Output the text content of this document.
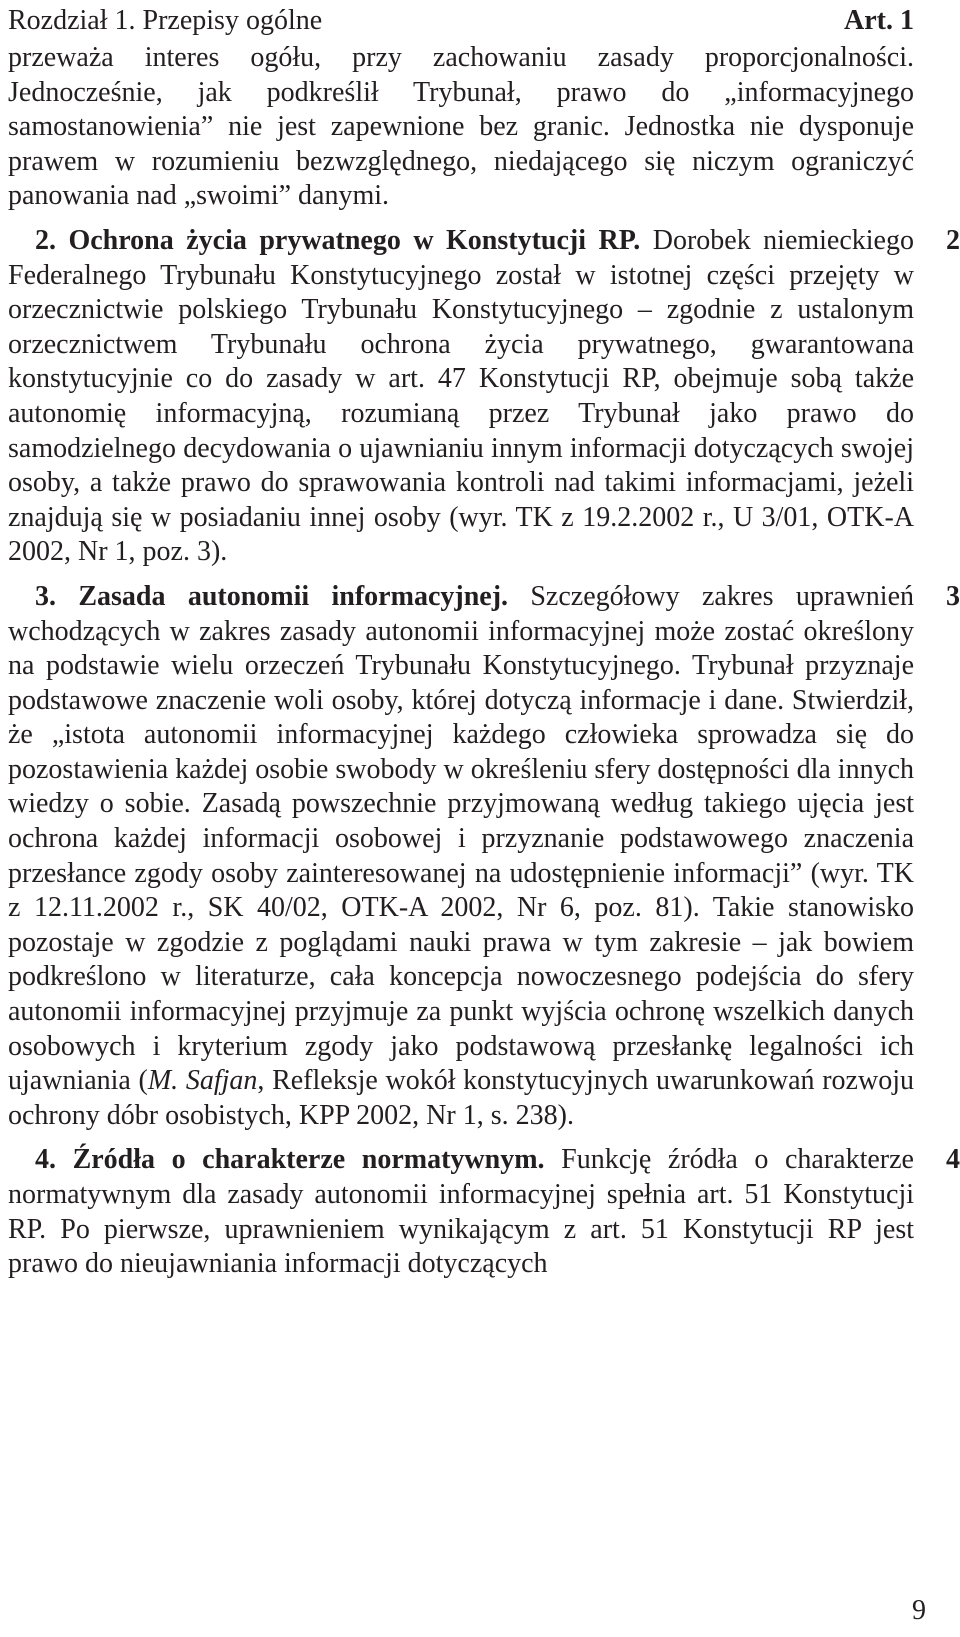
Rozdział 1. Przepisy ogólne	Art. 1

przeważa interes ogółu, przy zachowaniu zasady proporcjonalności. Jednocześnie, jak podkreślił Trybunał, prawo do „informacyjnego samostanowienia” nie jest zapewnione bez granic. Jednostka nie dysponuje prawem w rozumieniu bezwzględnego, niedającego się niczym ograniczyć panowania nad „swoimi” danymi.

2. Ochrona życia prywatnego w Konstytucji RP. Dorobek niemieckiego Federalnego Trybunału Konstytucyjnego został w istotnej części przejęty w orzecznictwie polskiego Trybunału Konstytucyjnego – zgodnie z ustalonym orzecznictwem Trybunału ochrona życia prywatnego, gwarantowana konstytucyjnie co do zasady w art. 47 Konstytucji RP, obejmuje sobą także autonomię informacyjną, rozumianą przez Trybunał jako prawo do samodzielnego decydowania o ujawnianiu innym informacji dotyczących swojej osoby, a także prawo do sprawowania kontroli nad takimi informacjami, jeżeli znajdują się w posiadaniu innej osoby (wyr. TK z 19.2.2002 r., U 3/01, OTK-A 2002, Nr 1, poz. 3).
2

3. Zasada autonomii informacyjnej. Szczegółowy zakres uprawnień wchodzących w zakres zasady autonomii informacyjnej może zostać określony na podstawie wielu orzeczeń Trybunału Konstytucyjnego. Trybunał przyznaje podstawowe znaczenie woli osoby, której dotyczą informacje i dane. Stwierdził, że „istota autonomii informacyjnej każdego człowieka sprowadza się do pozostawienia każdej osobie swobody w określeniu sfery dostępności dla innych wiedzy o sobie. Zasadą powszechnie przyjmowaną według takiego ujęcia jest ochrona każdej informacji osobowej i przyznanie podstawowego znaczenia przesłance zgody osoby zainteresowanej na udostępnienie informacji” (wyr. TK z 12.11.2002 r., SK 40/02, OTK-A 2002, Nr 6, poz. 81). Takie stanowisko pozostaje w zgodzie z poglądami nauki prawa w tym zakresie – jak bowiem podkreślono w literaturze, cała koncepcja nowoczesnego podejścia do sfery autonomii informacyjnej przyjmuje za punkt wyjścia ochronę wszelkich danych osobowych i kryterium zgody jako podstawową przesłankę legalności ich ujawniania (M. Safjan, Refleksje wokół konstytucyjnych uwarunkowań rozwoju ochrony dóbr osobistych, KPP 2002, Nr 1, s. 238).
3

4. Źródła o charakterze normatywnym. Funkcję źródła o charakterze normatywnym dla zasady autonomii informacyjnej spełnia art. 51 Konstytucji RP. Po pierwsze, uprawnieniem wynikającym z art. 51 Konstytucji RP jest prawo do nieujawniania informacji dotyczących
4

9
